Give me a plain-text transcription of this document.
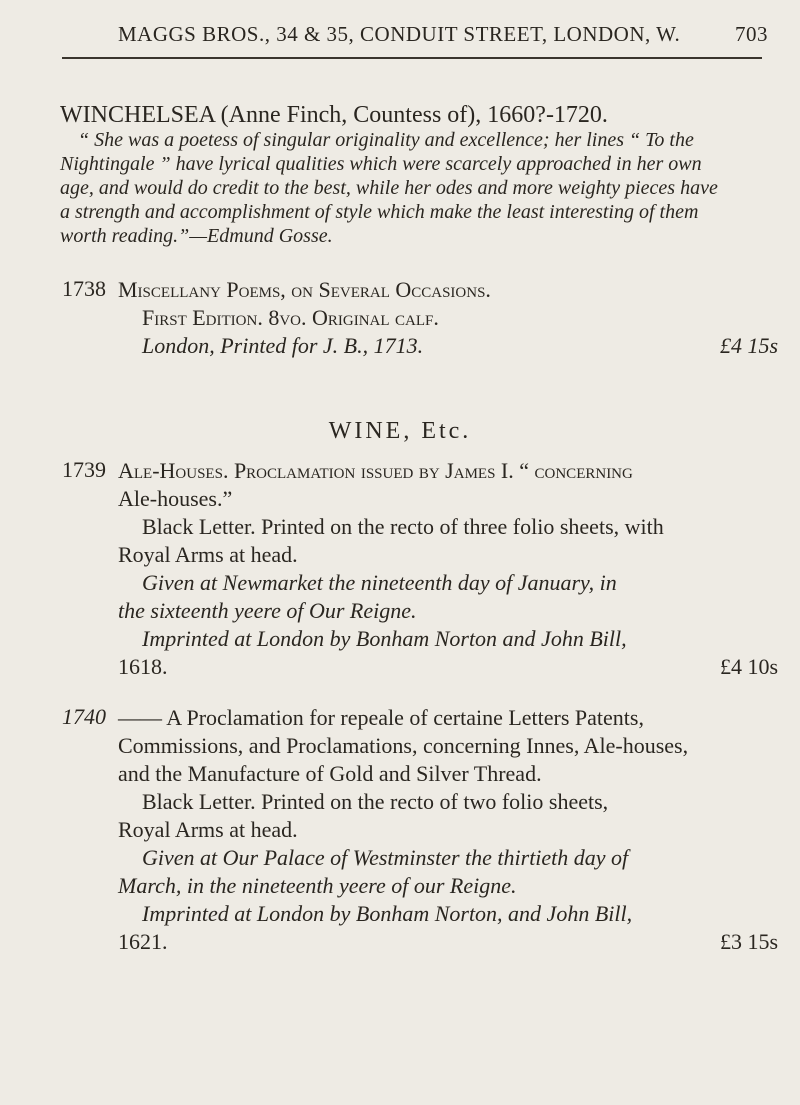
MAGGS BROS., 34 & 35, CONDUIT STREET, LONDON, W.	703
WINCHELSEA (Anne Finch, Countess of), 1660?-1720.
“ She was a poetess of singular originality and excellence; her lines “ To the
Nightingale ” have lyrical qualities which were scarcely approached in her own
age, and would do credit to the best, while her odes and more weighty pieces have
a strength and accomplishment of style which make the least interesting of them
worth reading.”—Edmund Gosse.
1738 Miscellany Poems, on Several Occasions.
First Edition. 8vo. Original calf.
London, Printed for J. B., 1713.	£4 15s
WINE, Etc.
1739 Ale-Houses. Proclamation issued by James I. “ concerning
Ale-houses.”
Black Letter. Printed on the recto of three folio sheets, with
Royal Arms at head.
Given at Newmarket the nineteenth day of January, in
the sixteenth yeere of Our Reigne.
Imprinted at London by Bonham Norton and John Bill,
1618.	£4 10s
1740 —— A Proclamation for repeale of certaine Letters Patents,
Commissions, and Proclamations, concerning Innes, Ale-houses,
and the Manufacture of Gold and Silver Thread.
Black Letter. Printed on the recto of two folio sheets,
Royal Arms at head.
Given at Our Palace of Westminster the thirtieth day of
March, in the nineteenth yeere of our Reigne.
Imprinted at London by Bonham Norton, and John Bill,
1621.	£3 15s
